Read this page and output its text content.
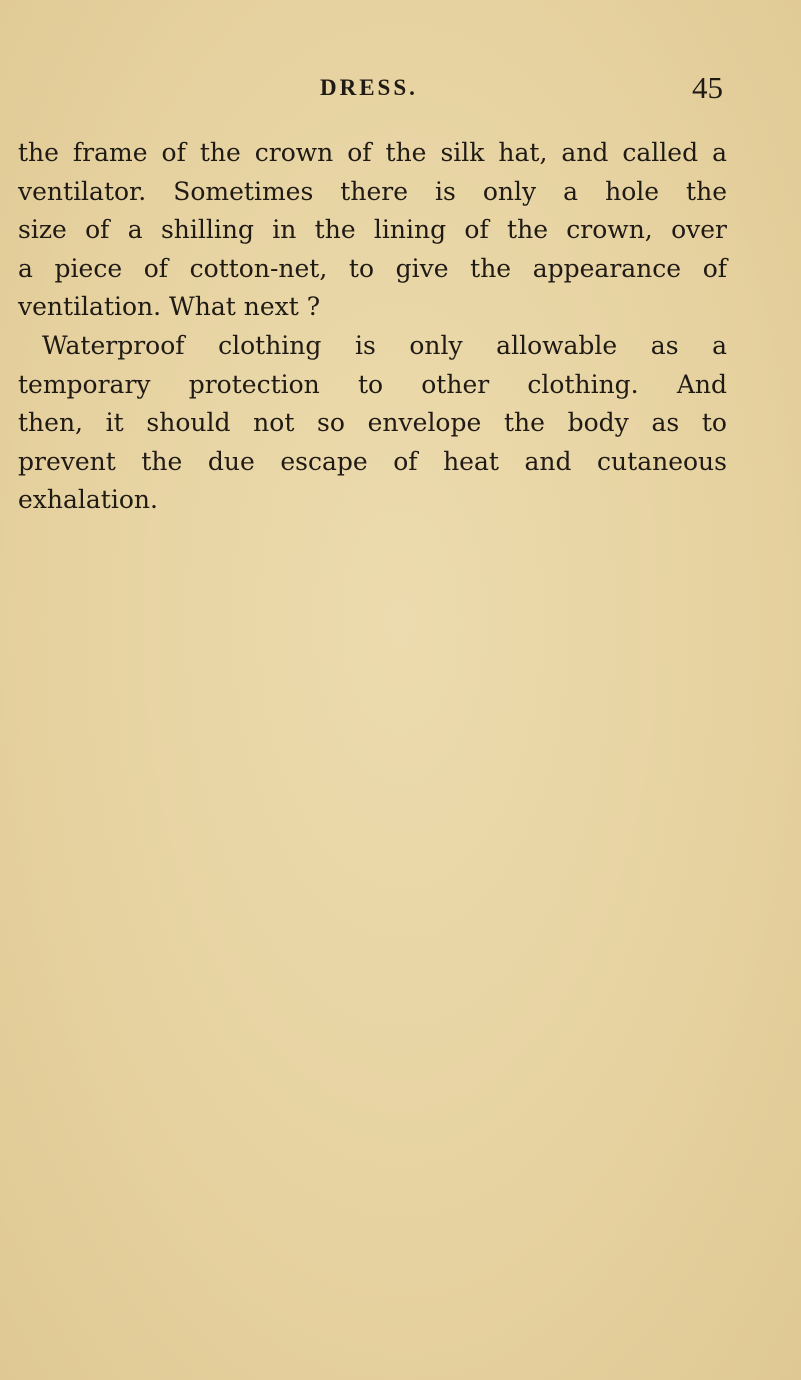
DRESS.	45
the frame of the crown of the silk hat, and called a
ventilator. Sometimes there is only a hole the
size of a shilling in the lining of the crown, over
a piece of cotton-net, to give the appearance of
ventilation. What next ?
Waterproof clothing is only allowable as a
temporary protection to other clothing. And
then, it should not so envelope the body as to
prevent the due escape of heat and cutaneous
exhalation.
